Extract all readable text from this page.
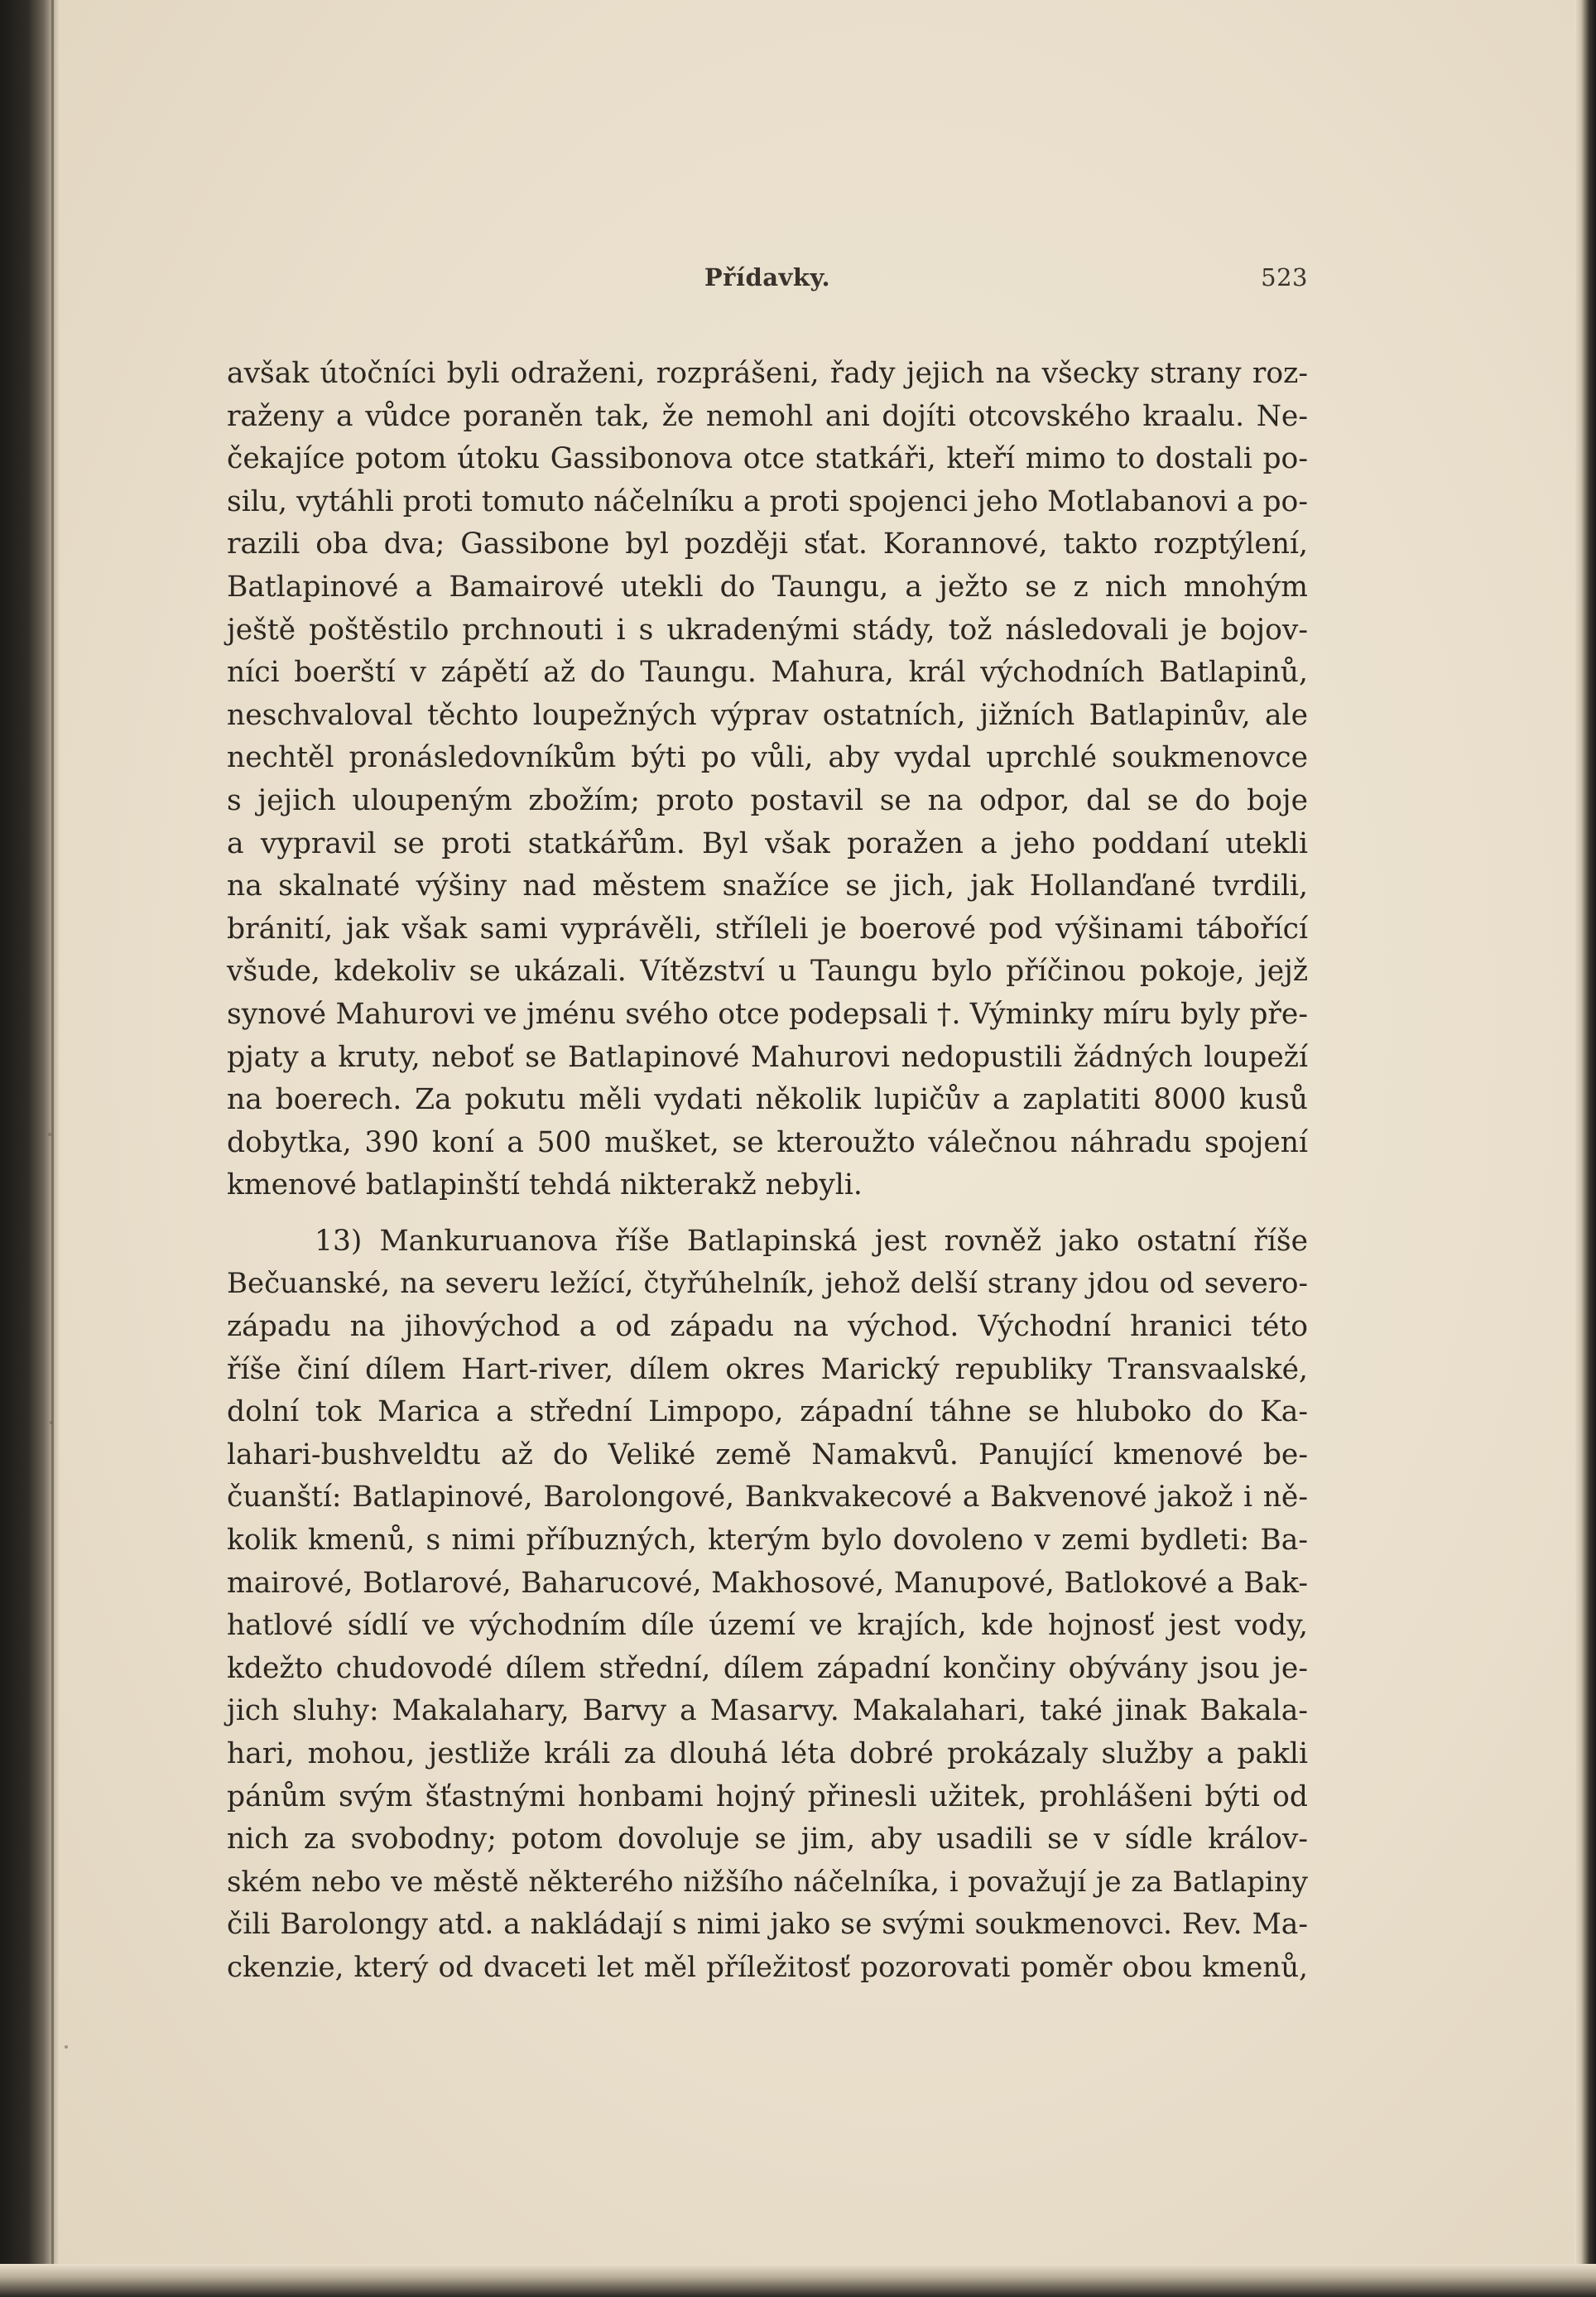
Přídavky.	523
avšak útočníci byli odraženi, rozprášeni, řady jejich na všecky strany roz-
raženy a vůdce poraněn tak, že nemohl ani dojíti otcovského kraalu. Ne-
čekajíce potom útoku Gassibonova otce statkáři, kteří mimo to dostali po-
silu, vytáhli proti tomuto náčelníku a proti spojenci jeho Motlabanovi a po-
razili oba dva; Gassibone byl později sťat. Korannové, takto rozptýlení,
Batlapinové a Bamairové utekli do Taungu, a ježto se z nich mnohým
ještě poštěstilo prchnouti i s ukradenými stády, tož následovali je bojov-
níci boerští v zápětí až do Taungu. Mahura, král východních Batlapinů,
neschvaloval těchto loupežných výprav ostatních, jižních Batlapinův, ale
nechtěl pronásledovníkům býti po vůli, aby vydal uprchlé soukmenovce
s jejich uloupeným zbožím; proto postavil se na odpor, dal se do boje
a vypravil se proti statkářům. Byl však poražen a jeho poddaní utekli
na skalnaté výšiny nad městem snažíce se jich, jak Hollanďané tvrdili,
bránití, jak však sami vyprávěli, stříleli je boerové pod výšinami tábořící
všude, kdekoliv se ukázali. Vítězství u Taungu bylo příčinou pokoje, jejž
synové Mahurovi ve jménu svého otce podepsali †. Výminky míru byly pře-
pjaty a kruty, neboť se Batlapinové Mahurovi nedopustili žádných loupeží
na boerech. Za pokutu měli vydati několik lupičův a zaplatiti 8000 kusů
dobytka, 390 koní a 500 mušket, se kteroužto válečnou náhradu spojení
kmenové batlapinští tehdá nikterakž nebyli.
13) Mankuruanova říše Batlapinská jest rovněž jako ostatní říše
Bečuanské, na severu ležící, čtyřúhelník, jehož delší strany jdou od severo-
západu na jihovýchod a od západu na východ. Východní hranici této
říše činí dílem Hart-river, dílem okres Marický republiky Transvaalské,
dolní tok Marica a střední Limpopo, západní táhne se hluboko do Ka-
lahari-bushveldtu až do Veliké země Namakvů. Panující kmenové be-
čuanští: Batlapinové, Barolongové, Bankvakecové a Bakvenové jakož i ně-
kolik kmenů, s nimi příbuzných, kterým bylo dovoleno v zemi bydleti: Ba-
mairové, Botlarové, Baharucové, Makhosové, Manupové, Batlokové a Bak-
hatlové sídlí ve východním díle území ve krajích, kde hojnosť jest vody,
kdežto chudovodé dílem střední, dílem západní končiny obývány jsou je-
jich sluhy: Makalahary, Barvy a Masarvy. Makalahari, také jinak Bakala-
hari, mohou, jestliže králi za dlouhá léta dobré prokázaly služby a pakli
pánům svým šťastnými honbami hojný přinesli užitek, prohlášeni býti od
nich za svobodny; potom dovoluje se jim, aby usadili se v sídle králov-
ském nebo ve městě některého nižšího náčelníka, i považují je za Batlapiny
čili Barolongy atd. a nakládají s nimi jako se svými soukmenovci. Rev. Ma-
ckenzie, který od dvaceti let měl příležitosť pozorovati poměr obou kmenů,
